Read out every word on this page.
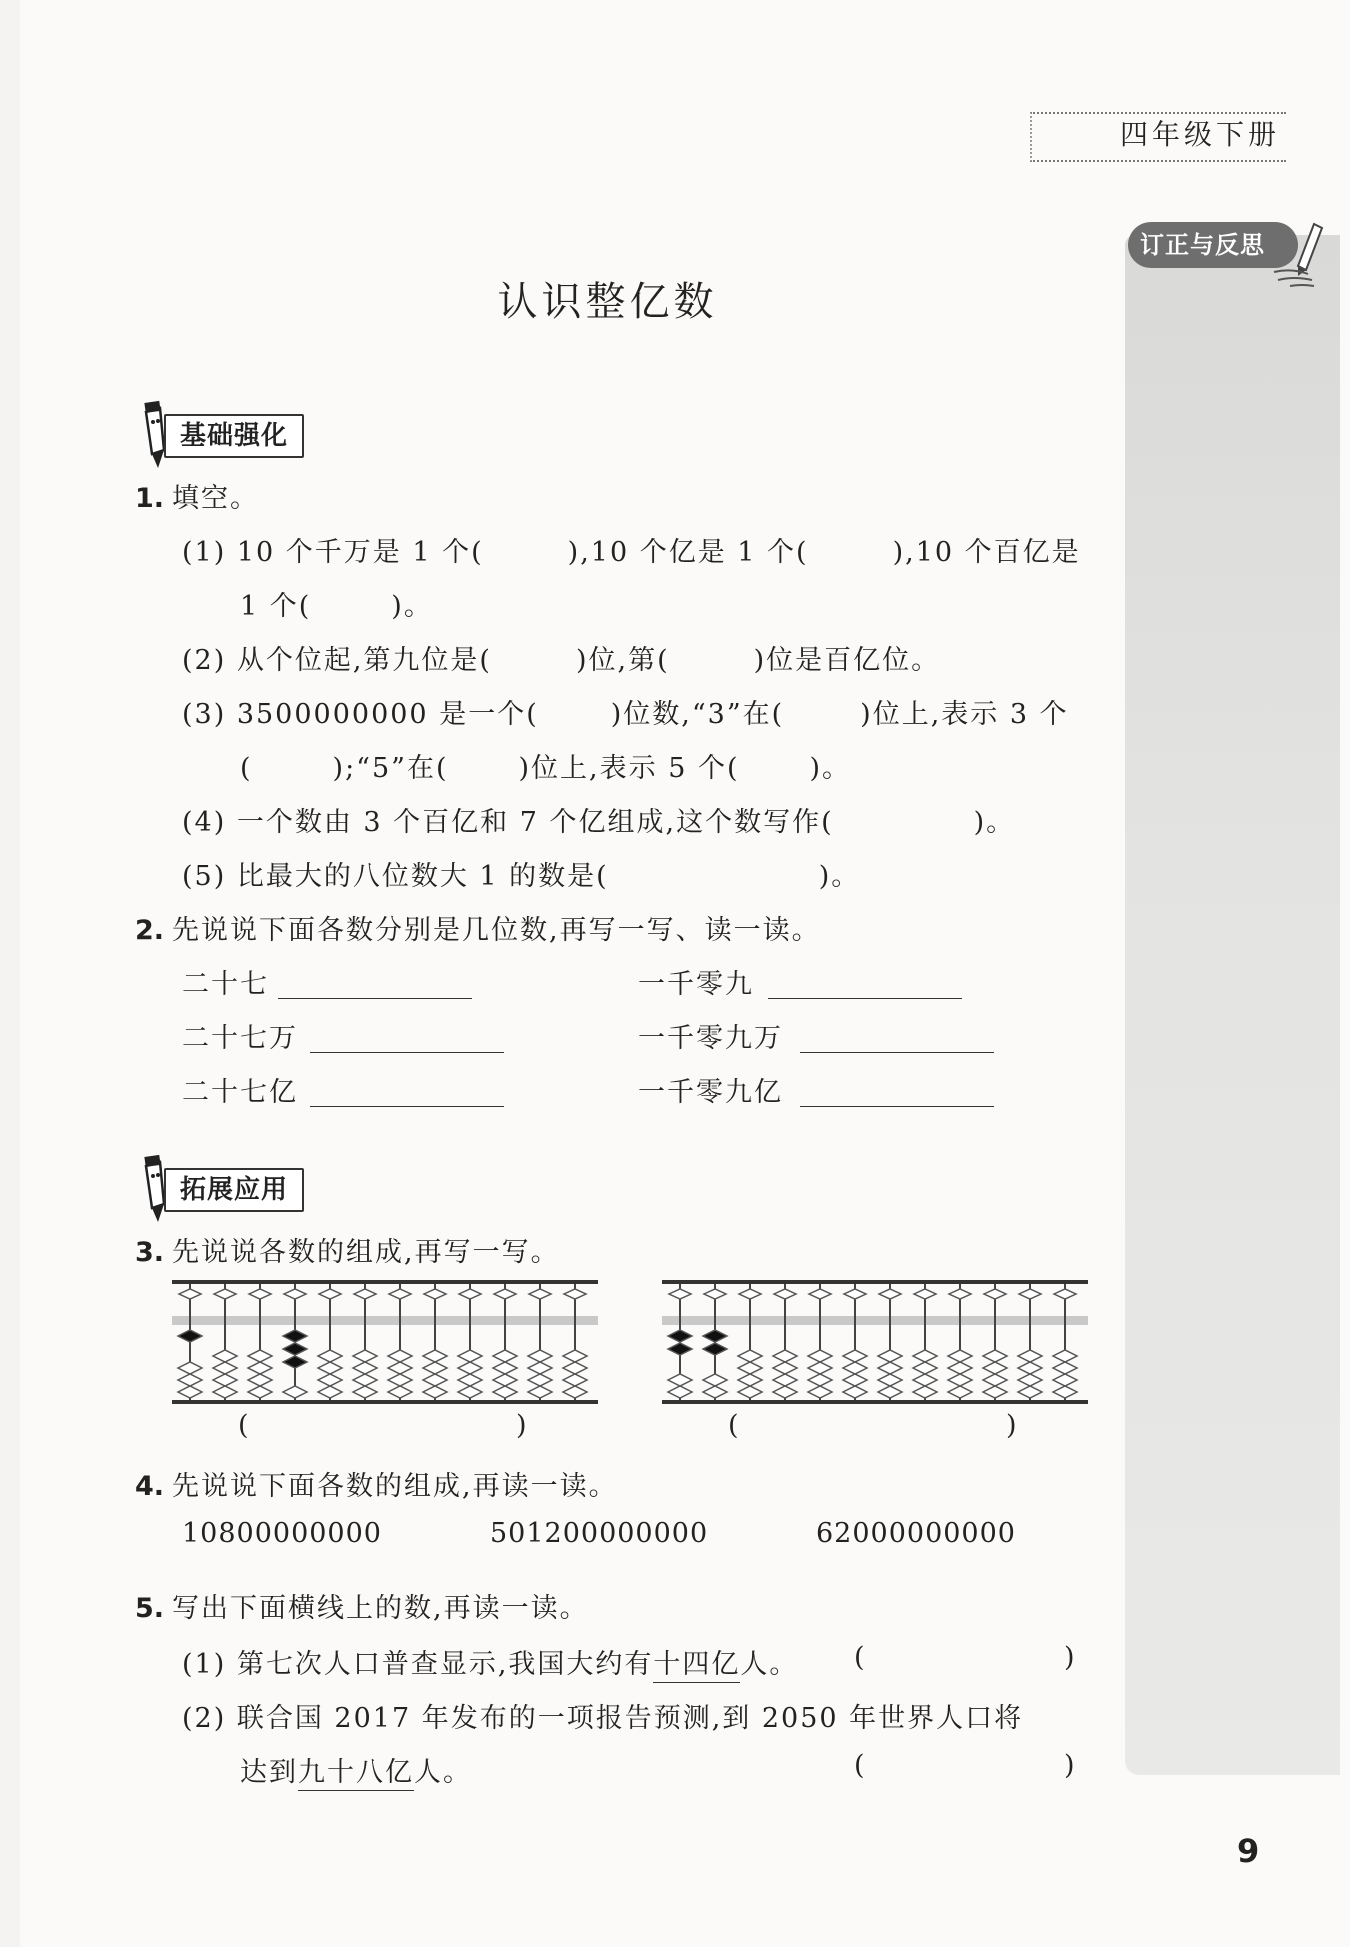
四年级下册
订正与反思
认识整亿数
基础强化
1. 填空。
(1) 10 个千万是 1 个(	),10 个亿是 1 个(	),10 个百亿是
1 个(	)。
(2) 从个位起,第九位是(	)位,第(	)位是百亿位。
(3) 3500000000 是一个(	)位数,“3”在(	)位上,表示 3 个
(	);“5”在(	)位上,表示 5 个(	)。
(4) 一个数由 3 个百亿和 7 个亿组成,这个数写作(	)。
(5) 比最大的八位数大 1 的数是(	)。
2. 先说说下面各数分别是几位数,再写一写、读一读。
二十七	一千零九
二十七万	一千零九万
二十七亿	一千零九亿
拓展应用
3. 先说说各数的组成,再写一写。
(	)	(	)
4. 先说说下面各数的组成,再读一读。
10800000000	501200000000	62000000000
5. 写出下面横线上的数,再读一读。
(1) 第七次人口普查显示,我国大约有十四亿人。 (	)
(2) 联合国 2017 年发布的一项报告预测,到 2050 年世界人口将
达到九十八亿人。	(	)
9
